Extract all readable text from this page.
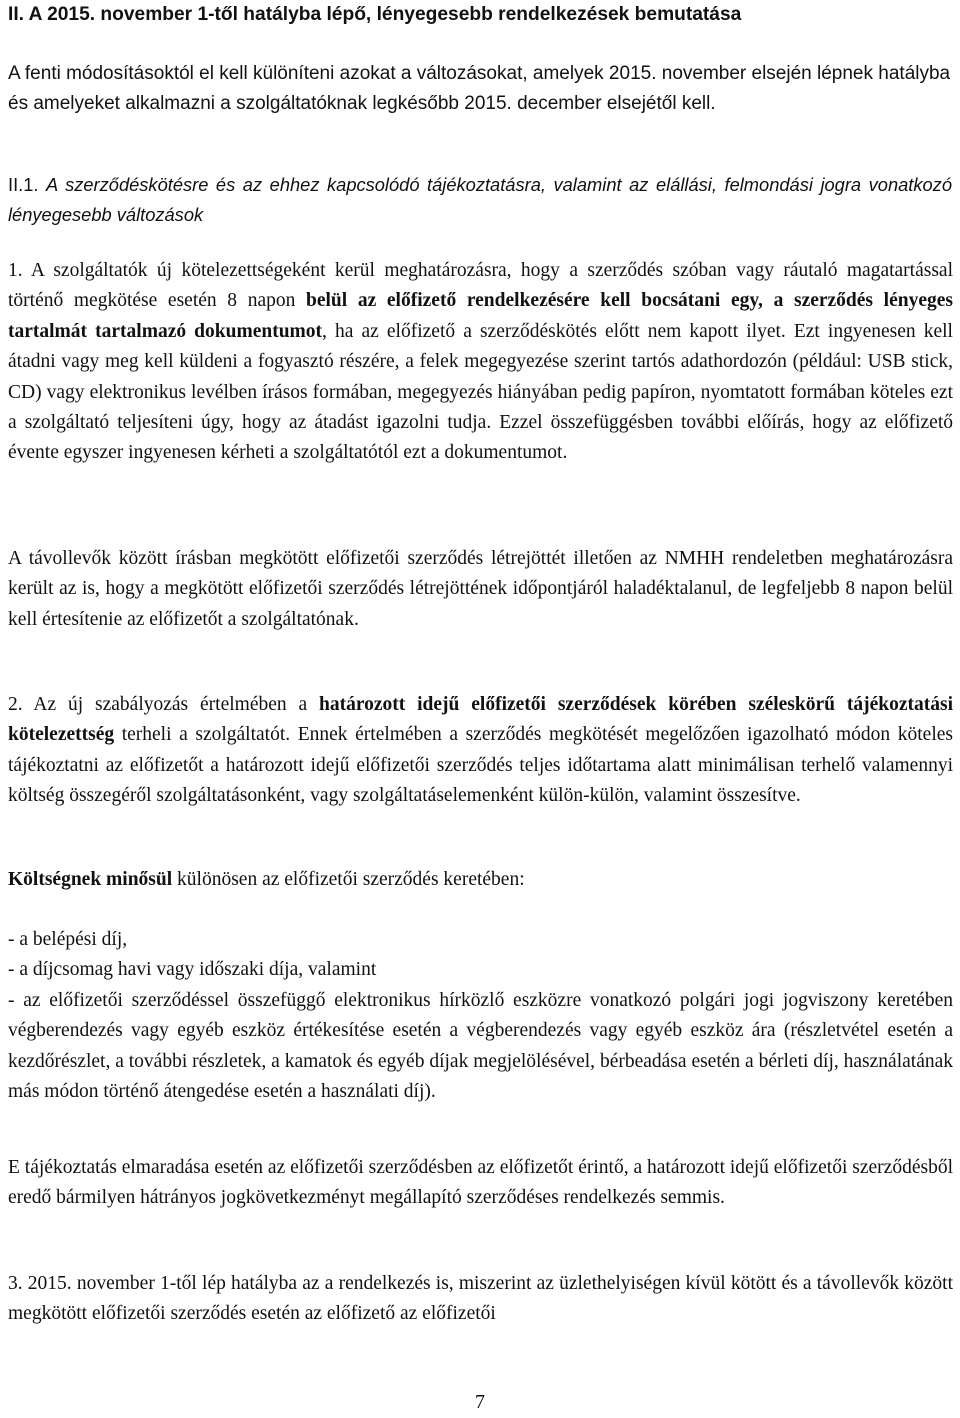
II. A 2015. november 1-től hatályba lépő, lényegesebb rendelkezések bemutatása

A fenti módosításoktól el kell különíteni azokat a változásokat, amelyek 2015. november elsején lépnek hatályba és amelyeket alkalmazni a szolgáltatóknak legkésőbb 2015. december elsejétől kell.

II.1. A szerződéskötésre és az ehhez kapcsolódó tájékoztatásra, valamint az elállási, felmondási jogra vonatkozó lényegesebb változások

1. A szolgáltatók új kötelezettségeként kerül meghatározásra, hogy a szerződés szóban vagy ráutaló magatartással történő megkötése esetén 8 napon belül az előfizető rendelkezésére kell bocsátani egy, a szerződés lényeges tartalmát tartalmazó dokumentumot, ha az előfizető a szerződéskötés előtt nem kapott ilyet. Ezt ingyenesen kell átadni vagy meg kell küldeni a fogyasztó részére, a felek megegyezése szerint tartós adathordozón (például: USB stick, CD) vagy elektronikus levélben írásos formában, megegyezés hiányában pedig papíron, nyomtatott formában köteles ezt a szolgáltató teljesíteni úgy, hogy az átadást igazolni tudja. Ezzel összefüggésben további előírás, hogy az előfizető évente egyszer ingyenesen kérheti a szolgáltatótól ezt a dokumentumot.

A távollevők között írásban megkötött előfizetői szerződés létrejöttét illetően az NMHH rendeletben meghatározásra került az is, hogy a megkötött előfizetői szerződés létrejöttének időpontjáról haladéktalanul, de legfeljebb 8 napon belül kell értesítenie az előfizetőt a szolgáltatónak.

2. Az új szabályozás értelmében a határozott idejű előfizetői szerződések körében széleskörű tájékoztatási kötelezettség terheli a szolgáltatót. Ennek értelmében a szerződés megkötését megelőzően igazolható módon köteles tájékoztatni az előfizetőt a határozott idejű előfizetői szerződés teljes időtartama alatt minimálisan terhelő valamennyi költség összegéről szolgáltatásonként, vagy szolgáltatáselemenként külön-külön, valamint összesítve.

Költségnek minősül különösen az előfizetői szerződés keretében:

- a belépési díj,
- a díjcsomag havi vagy időszaki díja, valamint
- az előfizetői szerződéssel összefüggő elektronikus hírközlő eszközre vonatkozó polgári jogi jogviszony keretében végberendezés vagy egyéb eszköz értékesítése esetén a végberendezés vagy egyéb eszköz ára (részletvétel esetén a kezdőrészlet, a további részletek, a kamatok és egyéb díjak megjelölésével, bérbeadása esetén a bérleti díj, használatának más módon történő átengedése esetén a használati díj).

E tájékoztatás elmaradása esetén az előfizetői szerződésben az előfizetőt érintő, a határozott idejű előfizetői szerződésből eredő bármilyen hátrányos jogkövetkezményt megállapító szerződéses rendelkezés semmis.

3. 2015. november 1-től lép hatályba az a rendelkezés is, miszerint az üzlethelyiségen kívül kötött és a távollevők között megkötött előfizetői szerződés esetén az előfizető az előfizetői

7
